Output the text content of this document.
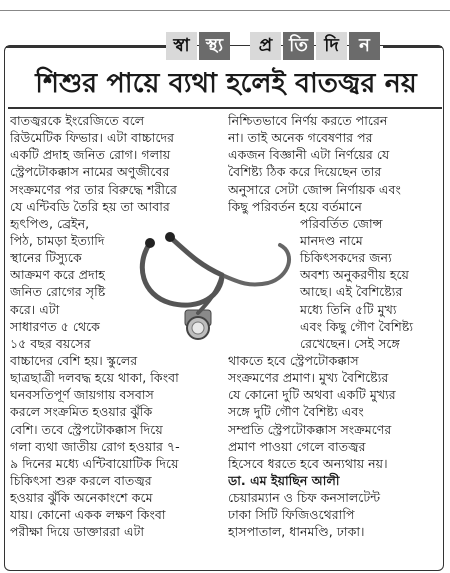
স্বা স্থ্য	প্র তি দি	ন
শিশুর পায়ে ব্যথা হলেই বাতজ্বর নয়
বাতজ্বরকে ইংরেজিতে বলে
রিউমেটিক ফিভার। এটা বাচ্চাদের
একটি প্রদাহ জনিত রোগ। গলায়
স্ট্রেপটোকক্কাস নামের অণুজীবের
সংক্রমণের পর তার বিরুদ্ধে শরীরে
যে এন্টিবডি তৈরি হয় তা আবার
হৃৎপিণ্ড, ব্রেইন,
পিঠ, চামড়া ইত্যাদি
স্থানের টিস্যুকে
আক্রমণ করে প্রদাহ
জনিত রোগের সৃষ্টি
করে। এটা
সাধারণত ৫ থেকে
১৫ বছর বয়সের
বাচ্চাদের বেশি হয়। স্কুলের
ছাত্রছাত্রী দলবদ্ধ হয়ে থাকা, কিংবা
ঘনবসতিপূর্ণ জায়গায় বসবাস
করলে সংক্রমিত হওয়ার ঝুঁকি
বেশি। তবে স্ট্রেপটোকক্কাস দিয়ে
গলা ব্যথা জাতীয় রোগ হওয়ার ৭-
৯ দিনের মধ্যে এন্টিবায়োটিক দিয়ে
চিকিৎসা শুরু করলে বাতজ্বর
হওয়ার ঝুঁকি অনেকাংশে কমে
যায়। কোনো একক লক্ষণ কিংবা
পরীক্ষা দিয়ে ডাক্তাররা এটা
নিশ্চিতভাবে নির্ণয় করতে পারেন
না। তাই অনেক গবেষণার পর
একজন বিজ্ঞানী এটা নির্ণয়ের যে
বৈশিষ্ট্য ঠিক করে দিয়েছেন তার
অনুসারে সেটা জোন্স নির্ণায়ক এবং
কিছু পরিবর্তন হয়ে বর্তমানে
পরিবর্তিত জোন্স
মানদণ্ড নামে
চিকিৎসকদের জন্য
অবশ্য অনুকরণীয় হয়ে
আছে। এই বৈশিষ্ট্যের
মধ্যে তিনি ৫টি মুখ্য
এবং কিছু গৌণ বৈশিষ্ট্য
রেখেছেন। সেই সঙ্গে
থাকতে হবে স্ট্রেপটোকক্কাস
সংক্রমণের প্রমাণ। মুখ্য বৈশিষ্ট্যের
যে কোনো দুটি অথবা একটি মুখ্যর
সঙ্গে দুটি গৌণ বৈশিষ্ট্য এবং
সম্প্রতি স্ট্রেপটোকক্কাস সংক্রমণের
প্রমাণ পাওয়া গেলে বাতজ্বর
হিসেবে ধরতে হবে অন্যথায় নয়।
ডা. এম ইয়াছিন আলী
চেয়ারম্যান ও চিফ কনসালটেন্ট
ঢাকা সিটি ফিজিওথেরাপি
হাসপাতাল, ধানমণ্ডি, ঢাকা।
